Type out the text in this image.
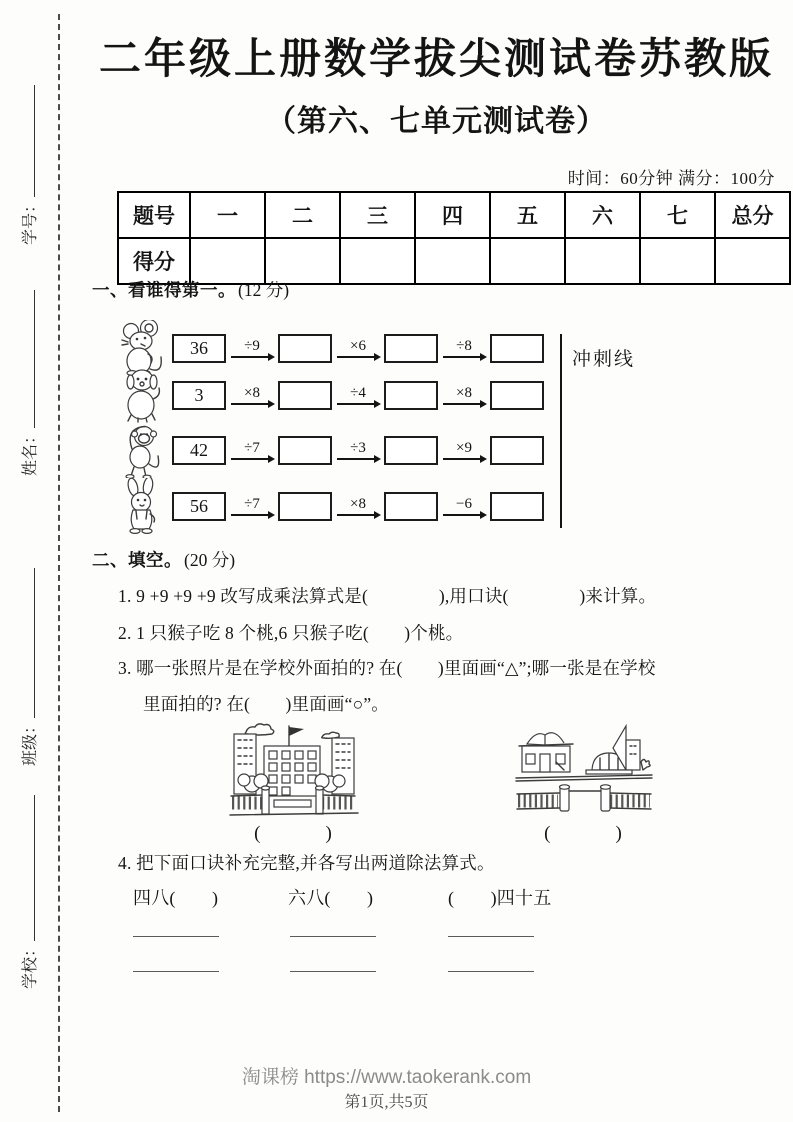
学号：
姓名：
班级：
学校：
二年级上册数学拔尖测试卷苏教版
（第六、七单元测试卷）
时间：60分钟 满分：100分
题号	一	二	三	四	五	六	七	总分
得分								
一、看谁得第一。 (12 分)
36	÷9	×6	÷8
3	×8	÷4	×8
42	÷7	÷3	×9
56	÷7	×8	−6
冲刺线
二、填空。 (20 分)
1. 9 +9 +9 +9 改写成乘法算式是(　　　　),用口诀(　　　　)来计算。
2. 1 只猴子吃 8 个桃,6 只猴子吃(　　)个桃。
3. 哪一张照片是在学校外面拍的? 在(　　)里面画“△”;哪一张是在学校
里面拍的? 在(　　)里面画“○”。
(　　　)	(　　　)
4. 把下面口诀补充完整,并各写出两道除法算式。
四八(　　)	六八(　　)	(　　)四十五
淘课榜 https://www.taokerank.com
第1页,共5页
